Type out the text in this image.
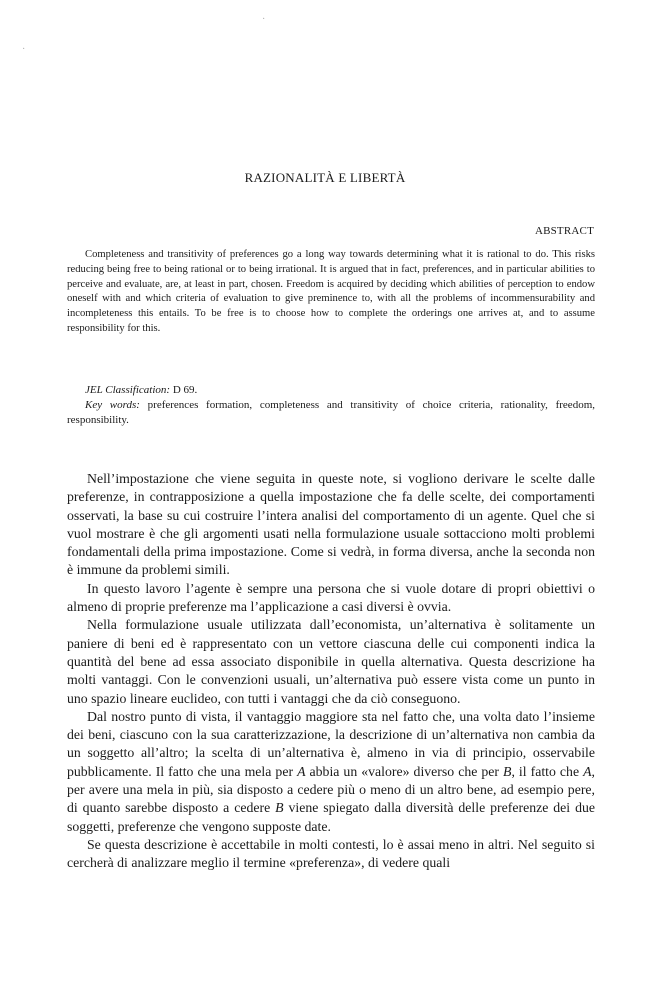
RAZIONALITÀ E LIBERTÀ
ABSTRACT

Completeness and transitivity of preferences go a long way towards determining what it is rational to do. This risks reducing being free to being rational or to being irrational. It is argued that in fact, preferences, and in particular abilities to perceive and evaluate, are, at least in part, chosen. Freedom is acquired by deciding which abilities of perception to endow oneself with and which criteria of evaluation to give preminence to, with all the problems of incommensurability and incompleteness this entails. To be free is to choose how to complete the orderings one arrives at, and to assume responsibility for this.

JEL Classification: D 69.

Key words: preferences formation, completeness and transitivity of choice criteria, rationality, freedom, responsibility.

Nell’impostazione che viene seguita in queste note, si vogliono derivare le scelte dalle preferenze, in contrapposizione a quella impostazione che fa delle scelte, dei comportamenti osservati, la base su cui costruire l’intera analisi del comportamento di un agente. Quel che si vuol mostrare è che gli argomenti usati nella formulazione usuale sottacciono molti problemi fondamentali della prima impostazione. Come si vedrà, in forma diversa, anche la seconda non è immune da problemi simili.

In questo lavoro l’agente è sempre una persona che si vuole dotare di propri obiettivi o almeno di proprie preferenze ma l’applicazione a casi diversi è ovvia.

Nella formulazione usuale utilizzata dall’economista, un’alternativa è solitamente un paniere di beni ed è rappresentato con un vettore ciascuna delle cui componenti indica la quantità del bene ad essa associato disponibile in quella alternativa. Questa descrizione ha molti vantaggi. Con le convenzioni usuali, un’alternativa può essere vista come un punto in uno spazio lineare euclideo, con tutti i vantaggi che da ciò conseguono.

Dal nostro punto di vista, il vantaggio maggiore sta nel fatto che, una volta dato l’insieme dei beni, ciascuno con la sua caratterizzazione, la descrizione di un’alternativa non cambia da un soggetto all’altro; la scelta di un’alternativa è, almeno in via di principio, osservabile pubblicamente. Il fatto che una mela per A abbia un «valore» diverso che per B, il fatto che A, per avere una mela in più, sia disposto a cedere più o meno di un altro bene, ad esempio pere, di quanto sarebbe disposto a cedere B viene spiegato dalla diversità delle preferenze dei due soggetti, preferenze che vengono supposte date.

Se questa descrizione è accettabile in molti contesti, lo è assai meno in altri. Nel seguito si cercherà di analizzare meglio il termine «preferenza», di vedere quali

·
·
